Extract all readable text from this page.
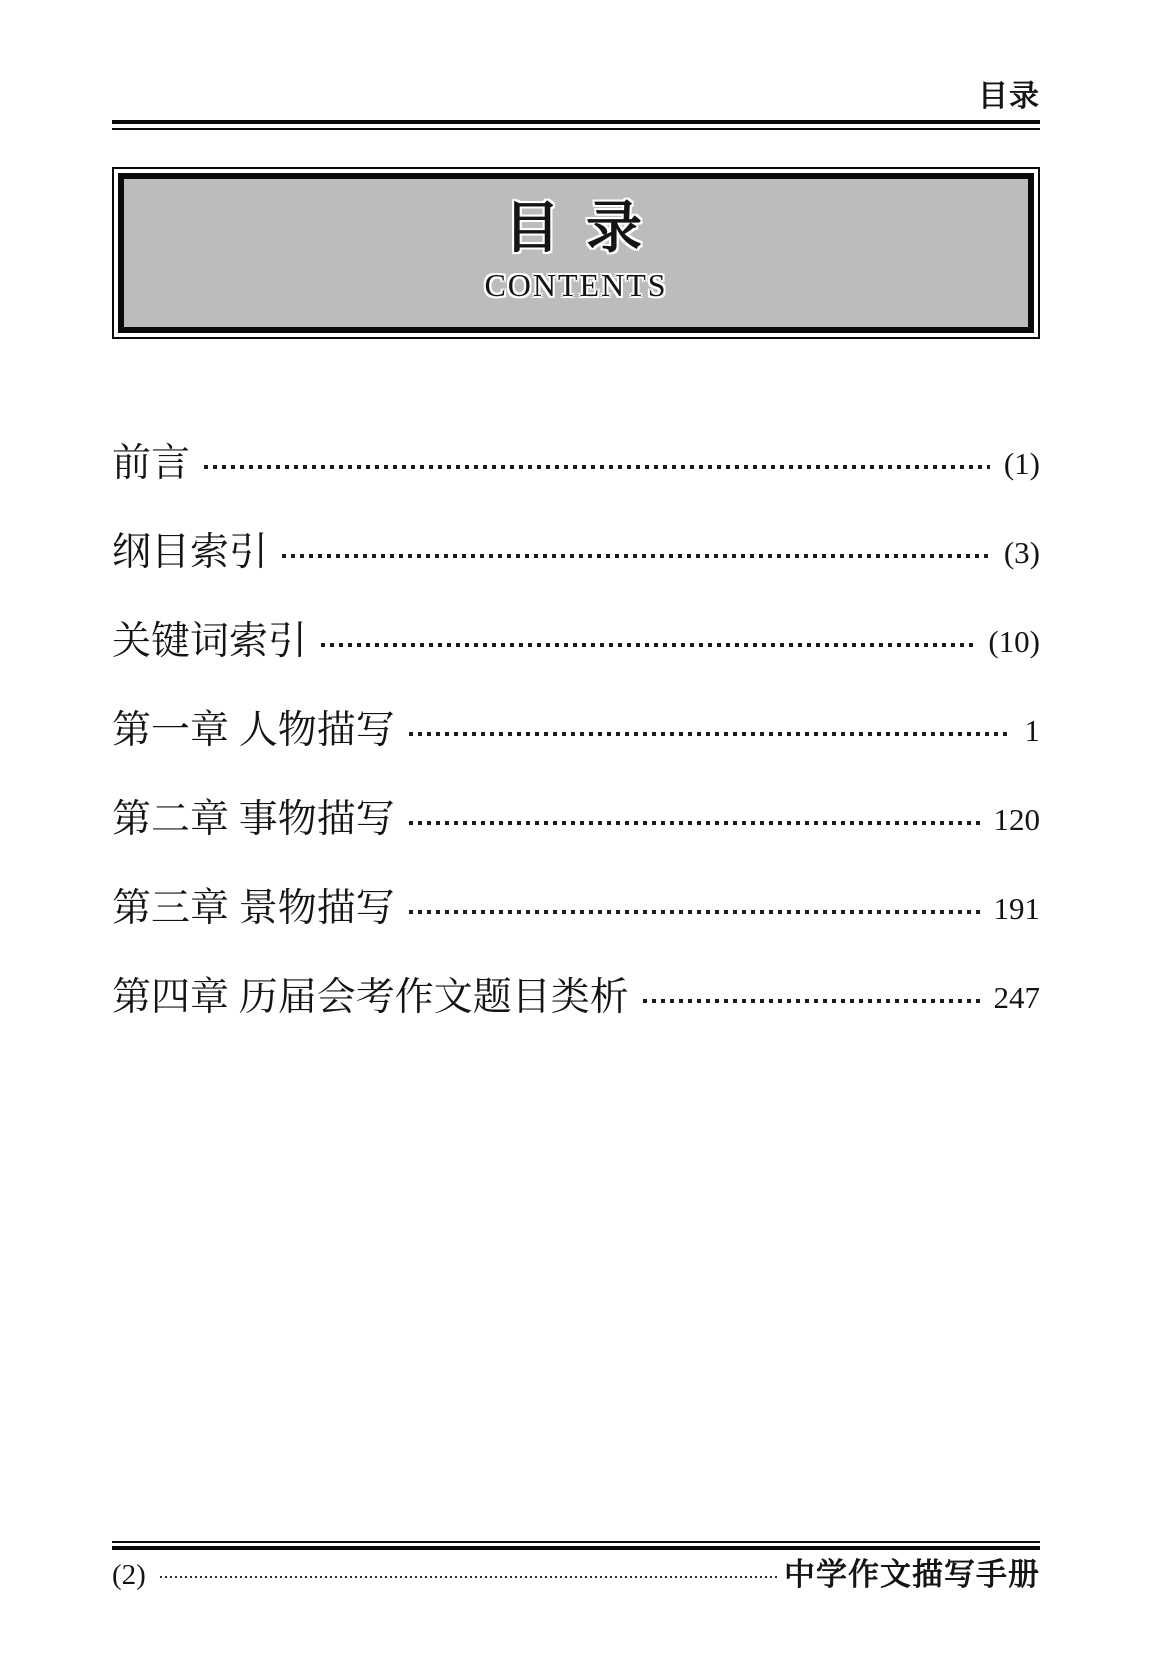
目录
目 录
CONTENTS
前言	(1)
纲目索引	(3)
关键词索引	(10)
第一章 人物描写	1
第二章 事物描写	120
第三章 景物描写	191
第四章 历届会考作文题目类析	247
(2)	中学作文描写手册
